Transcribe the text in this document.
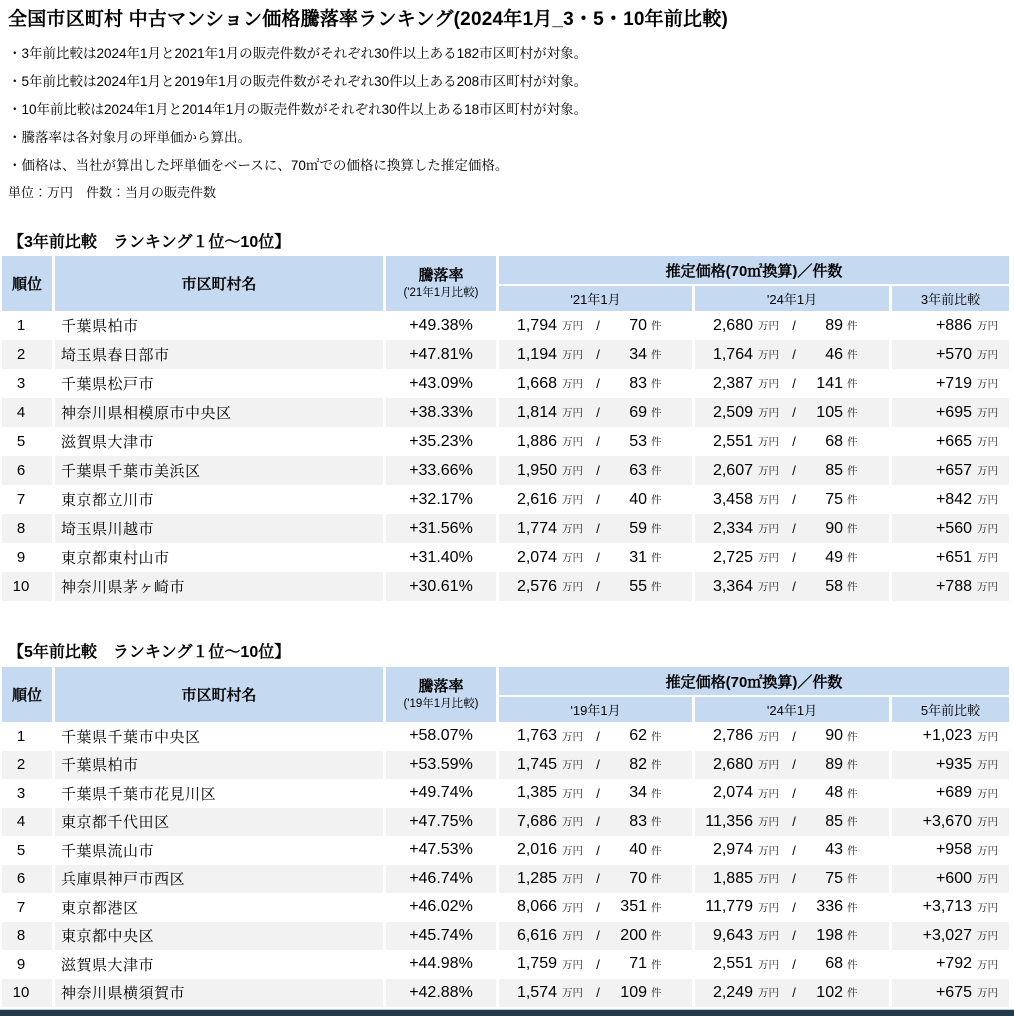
全国市区町村 中古マンション価格騰落率ランキング(2024年1月_3・5・10年前比較)

・3年前比較は2024年1月と2021年1月の販売件数がそれぞれ30件以上ある182市区町村が対象。

・5年前比較は2024年1月と2019年1月の販売件数がそれぞれ30件以上ある208市区町村が対象。

・10年前比較は2024年1月と2014年1月の販売件数がそれぞれ30件以上ある18市区町村が対象。

・騰落率は各対象月の坪単価から算出。

・価格は、当社が算出した坪単価をベースに、70㎡での価格に換算した推定価格。

単位：万円　件数：当月の販売件数

【3年前比較　ランキング１位〜10位】
順位	市区町村名
騰落率
('21年1月比較)
推定価格(70㎡換算)／件数
'21年1月	'24年1月	3年前比較
1	千葉県柏市	+49.38%	1,794 万円	/	70 件	2,680 万円	/	89 件	+886 万円
2	埼玉県春日部市	+47.81%	1,194 万円	/	34 件	1,764 万円	/	46 件	+570 万円
3	千葉県松戸市	+43.09%	1,668 万円	/	83 件	2,387 万円	/	141 件	+719 万円
4	神奈川県相模原市中央区	+38.33%	1,814 万円	/	69 件	2,509 万円	/	105 件	+695 万円
5	滋賀県大津市	+35.23%	1,886 万円	/	53 件	2,551 万円	/	68 件	+665 万円
6	千葉県千葉市美浜区	+33.66%	1,950 万円	/	63 件	2,607 万円	/	85 件	+657 万円
7	東京都立川市	+32.17%	2,616 万円	/	40 件	3,458 万円	/	75 件	+842 万円
8	埼玉県川越市	+31.56%	1,774 万円	/	59 件	2,334 万円	/	90 件	+560 万円
9	東京都東村山市	+31.40%	2,074 万円	/	31 件	2,725 万円	/	49 件	+651 万円
10	神奈川県茅ヶ崎市	+30.61%	2,576 万円	/	55 件	3,364 万円	/	58 件	+788 万円
【5年前比較　ランキング１位〜10位】
順位	市区町村名
騰落率
('19年1月比較)
推定価格(70㎡換算)／件数
'19年1月	'24年1月	5年前比較
1	千葉県千葉市中央区	+58.07%	1,763 万円	/	62 件	2,786 万円	/	90 件	+1,023 万円
2	千葉県柏市	+53.59%	1,745 万円	/	82 件	2,680 万円	/	89 件	+935 万円
3	千葉県千葉市花見川区	+49.74%	1,385 万円	/	34 件	2,074 万円	/	48 件	+689 万円
4	東京都千代田区	+47.75%	7,686 万円	/	83 件	11,356 万円	/	85 件	+3,670 万円
5	千葉県流山市	+47.53%	2,016 万円	/	40 件	2,974 万円	/	43 件	+958 万円
6	兵庫県神戸市西区	+46.74%	1,285 万円	/	70 件	1,885 万円	/	75 件	+600 万円
7	東京都港区	+46.02%	8,066 万円	/	351 件	11,779 万円	/	336 件	+3,713 万円
8	東京都中央区	+45.74%	6,616 万円	/	200 件	9,643 万円	/	198 件	+3,027 万円
9	滋賀県大津市	+44.98%	1,759 万円	/	71 件	2,551 万円	/	68 件	+792 万円
10	神奈川県横須賀市	+42.88%	1,574 万円	/	109 件	2,249 万円	/	102 件	+675 万円
